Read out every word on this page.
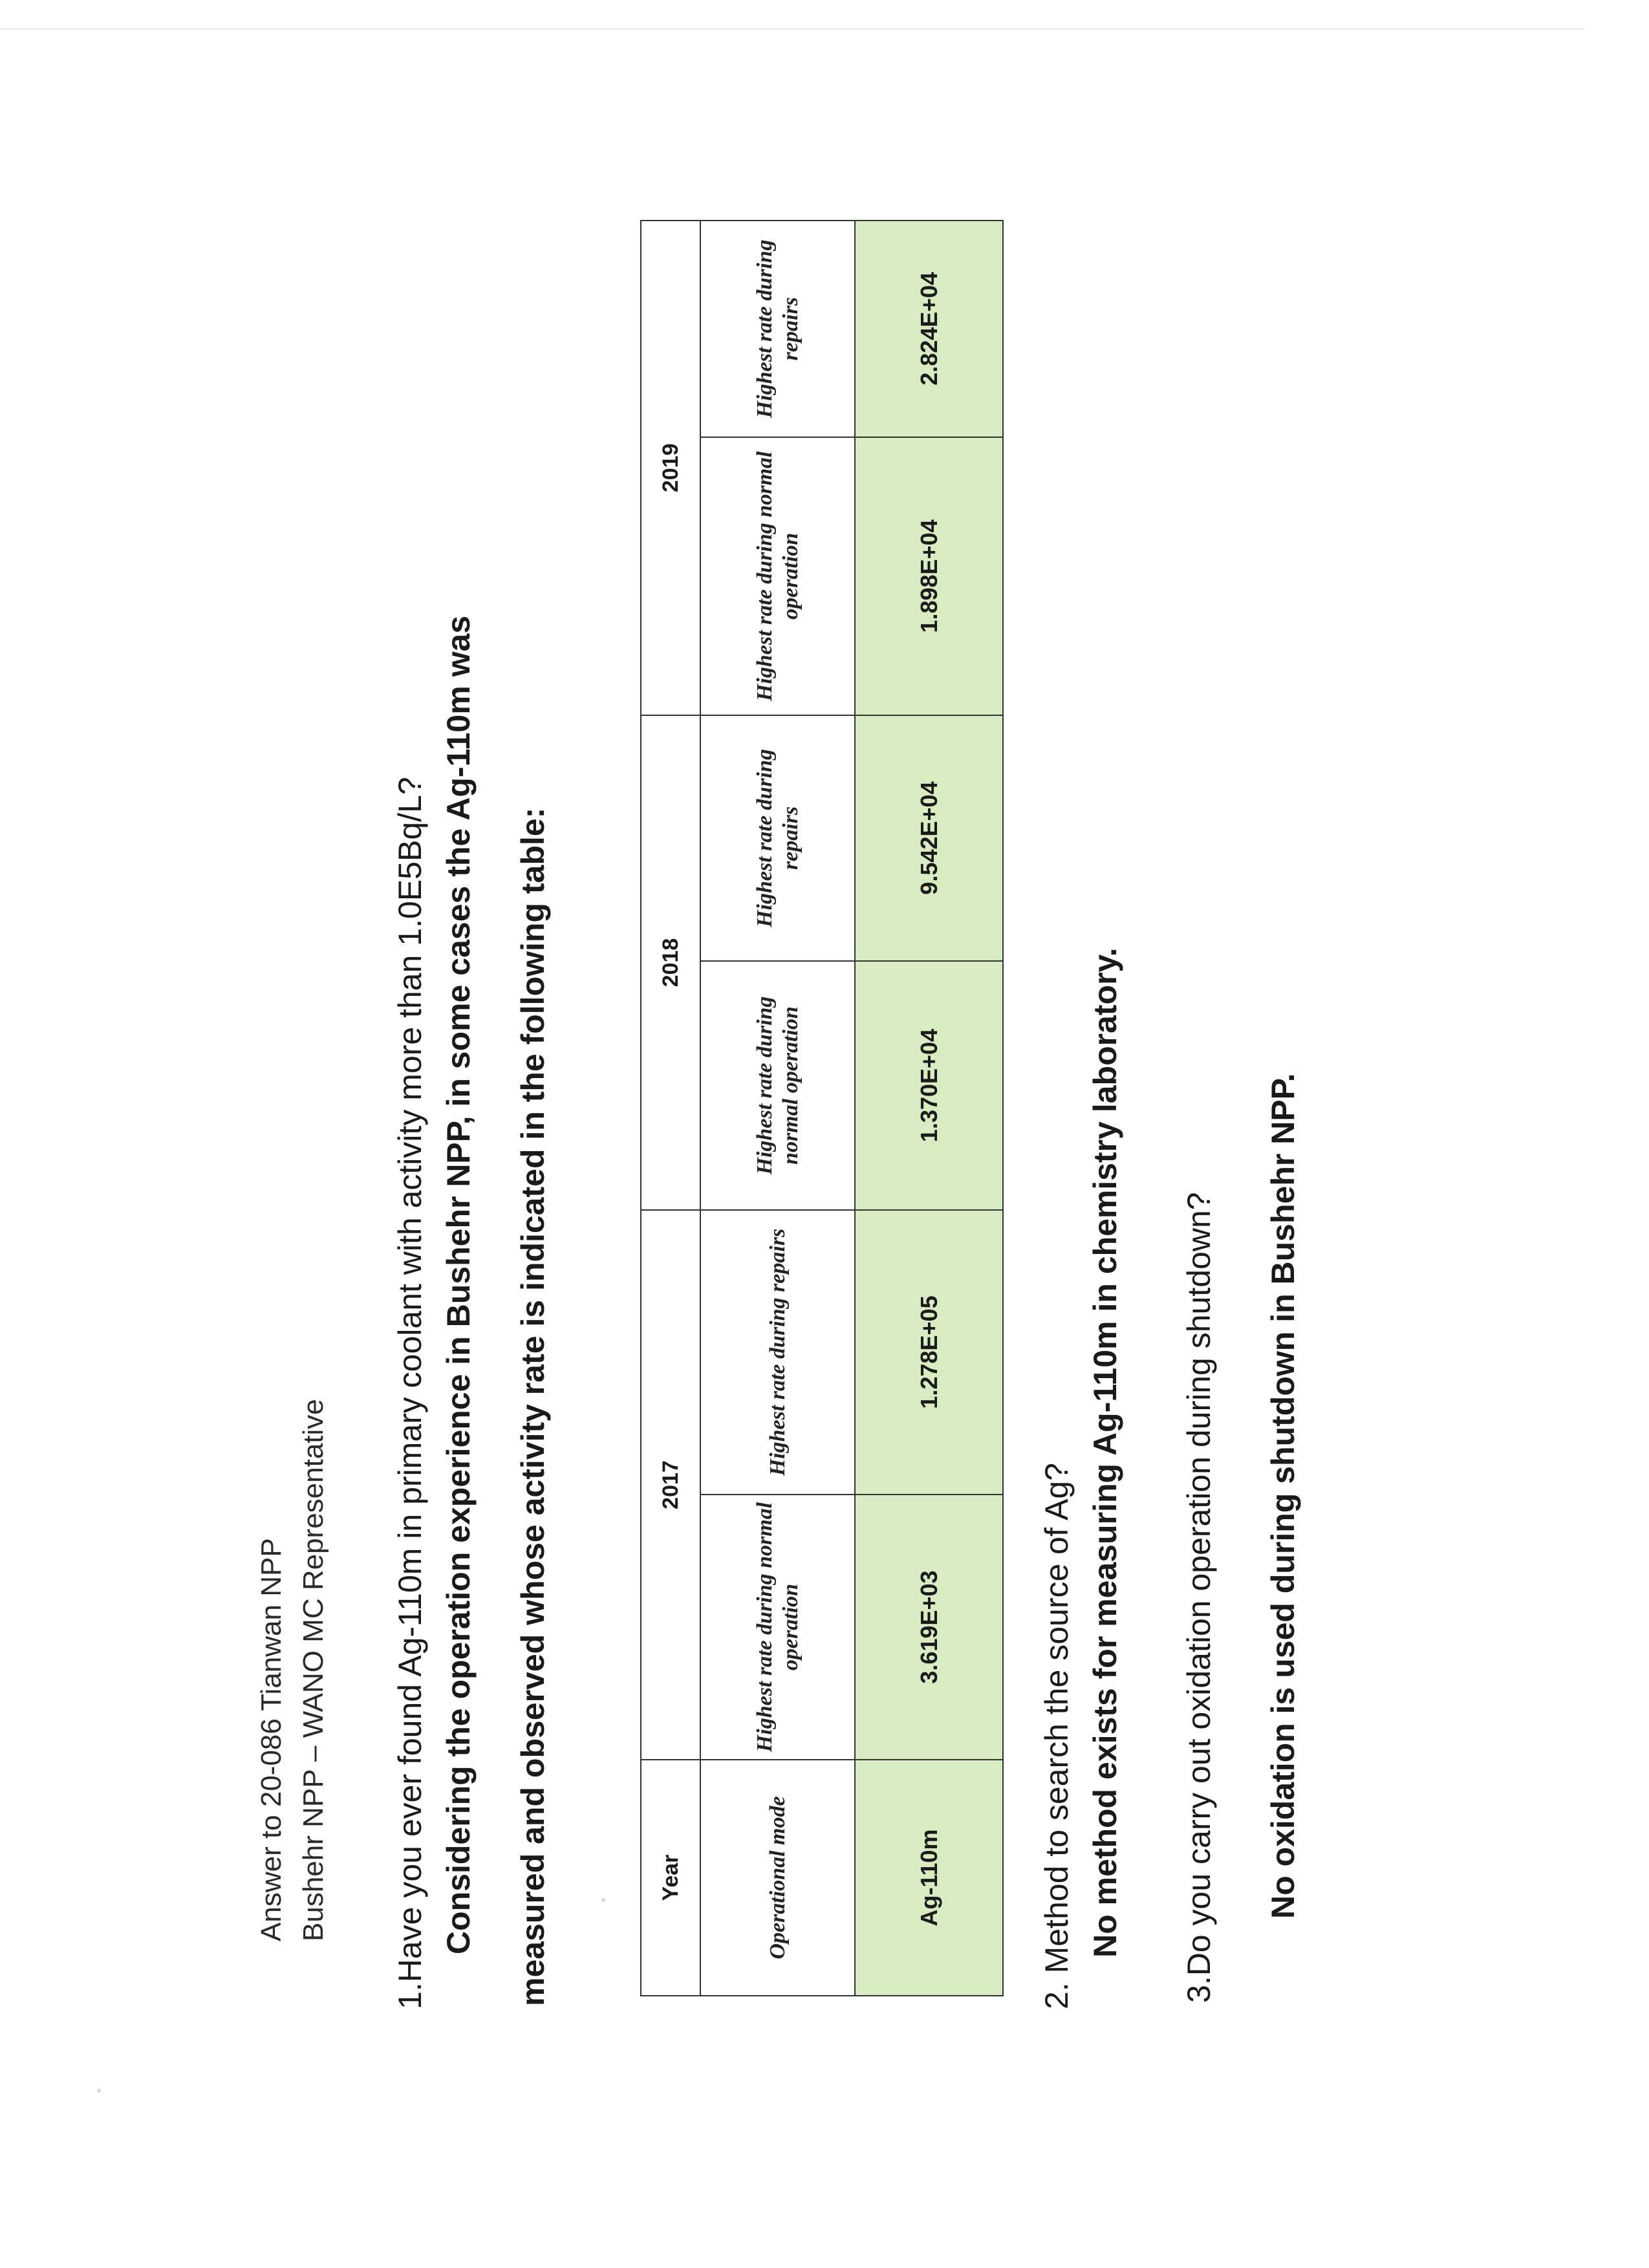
Answer to 20-086 Tianwan NPP Bushehr NPP – WANO MC Representative 1.Have you ever found Ag-110m in primary coolant with activity more than 1.0E5Bq/L? Considering the operation experience in Bushehr NPP, in some cases the Ag-110m was measured and observed whose activity rate is indicated in the following table:	Year	2017		2018		2019	
Operational mode	Highest rate during normal operation	Highest rate during repairs	Highest rate during normal operation	Highest rate during repairs	Highest rate during normal operation	Highest rate during repairs
Ag-110m	3.619E+03	1.278E+05	1.370E+04	9.542E+04	1.898E+04	2.824E+04
2. Method to search the source of Ag? No method exists for measuring Ag-110m in chemistry laboratory. 3.Do you carry out oxidation operation during shutdown? No oxidation is used during shutdown in Bushehr NPP.
